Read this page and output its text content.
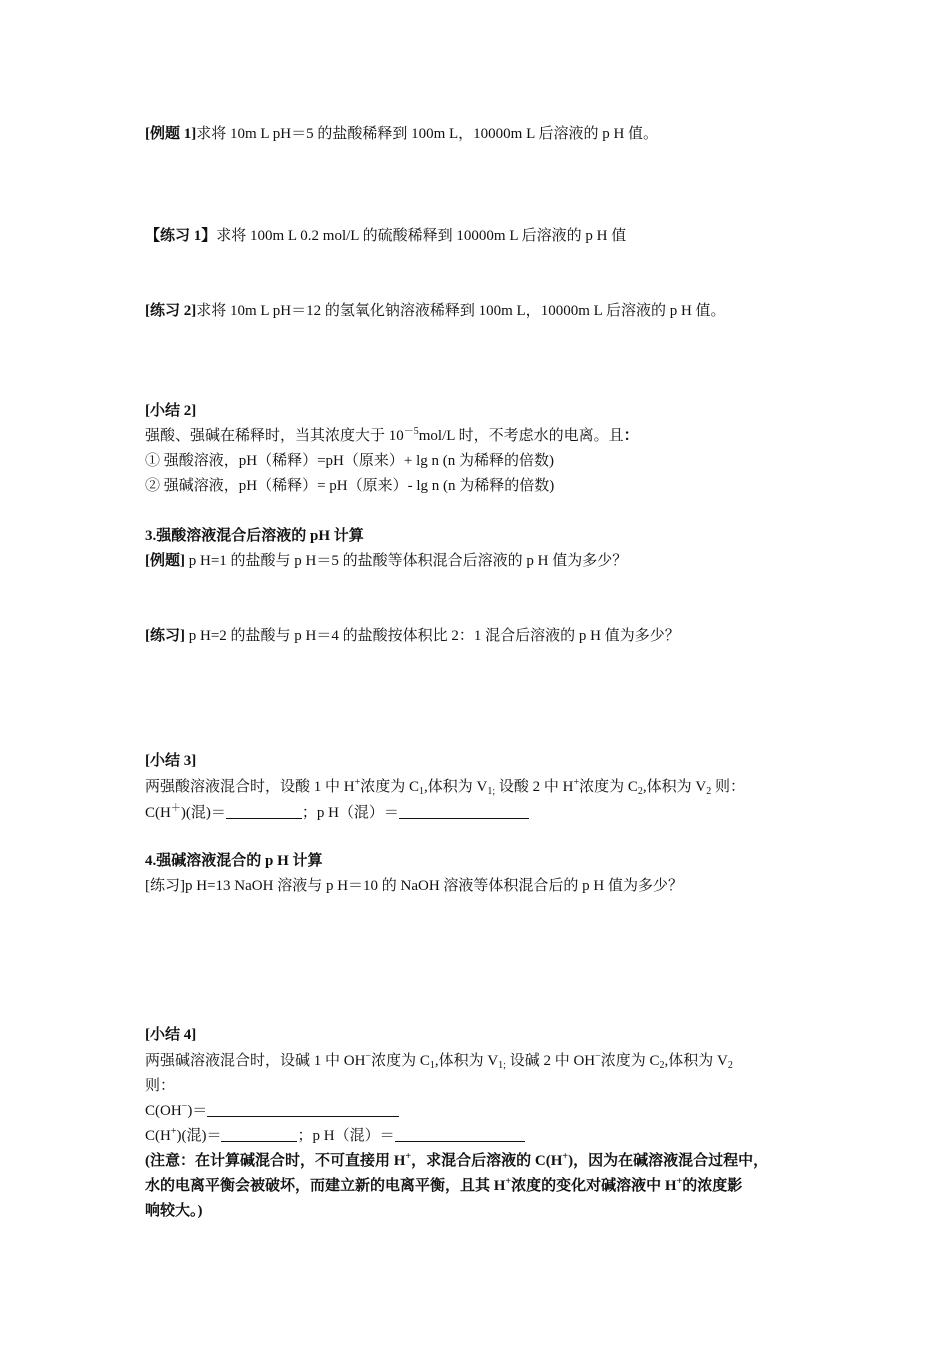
[例题 1]求将 10m L pH＝5 的盐酸稀释到 100m L，10000m L 后溶液的 p H 值。
【练习 1】求将 100m L 0.2 mol/L 的硫酸稀释到 10000m L 后溶液的 p H 值
[练习 2]求将 10m L pH＝12 的氢氧化钠溶液稀释到 100m L，10000m L 后溶液的 p H 值。
[小结 2]
强酸、强碱在稀释时，当其浓度大于 $10^{-5}mol/L$ 时，不考虑水的电离。且：
① 强酸溶液，pH（稀释）=pH（原来）+ lg n (n 为稀释的倍数)
② 强碱溶液，pH（稀释）= pH（原来）- lg n (n 为稀释的倍数)
3.强酸溶液混合后溶液的 pH 计算
[例题] p H=1 的盐酸与 p H＝5 的盐酸等体积混合后溶液的 p H 值为多少？
[练习] p H=2 的盐酸与 p H＝4 的盐酸按体积比 2：1 混合后溶液的 p H 值为多少？
[小结 3]
两强酸溶液混合时，设酸 1 中 H+浓度为 $C_1$,体积为 $V_{1;}$ 设酸 2 中 H+浓度为 $C_2$,体积为 $V_2$ 则：
C(H＋)(混)＝	；p H（混）＝
4.强碱溶液混合的 p H 计算
[练习]p H=13 NaOH 溶液与 p H＝10 的 NaOH 溶液等体积混合后的 p H 值为多少？
[小结 4]
两强碱溶液混合时，设碱 1 中 OH−浓度为 $C_1$,体积为 $V_{1;}$ 设碱 2 中 OH−浓度为 $C_2$,体积为 $V_2$
则：
C(OH−)＝
C(H+)(混)＝	；p H（混）＝
(注意：在计算碱混合时，不可直接用 H+，求混合后溶液的 C(H+)，因为在碱溶液混合过程中，
水的电离平衡会被破坏，而建立新的电离平衡，且其 H+浓度的变化对碱溶液中 H+的浓度影
响较大。)
